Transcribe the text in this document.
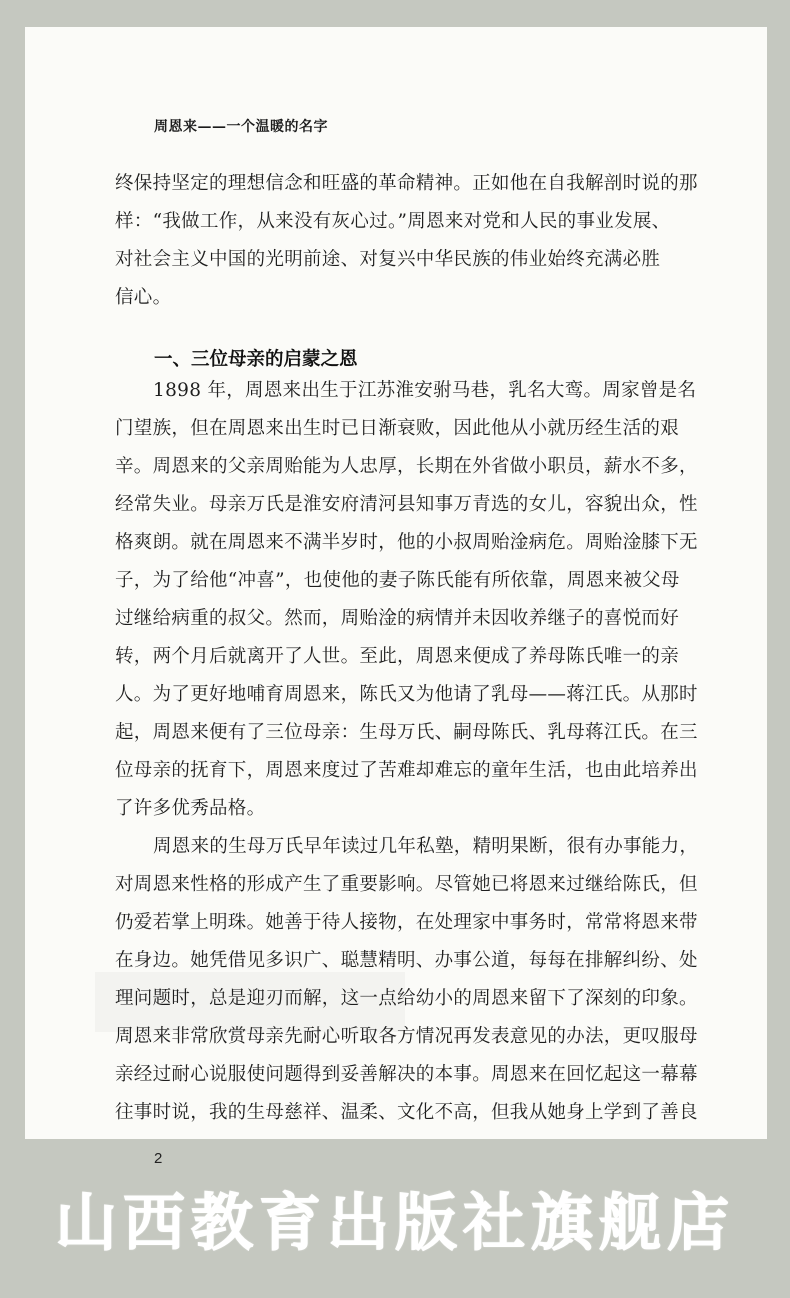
周恩来——一个温暖的名字
终保持坚定的理想信念和旺盛的革命精神。正如他在自我解剖时说的那
样：“我做工作，从来没有灰心过。”周恩来对党和人民的事业发展、
对社会主义中国的光明前途、对复兴中华民族的伟业始终充满必胜
信心。
一、三位母亲的启蒙之恩
1898 年，周恩来出生于江苏淮安驸马巷，乳名大鸾。周家曾是名
门望族，但在周恩来出生时已日渐衰败，因此他从小就历经生活的艰
辛。周恩来的父亲周贻能为人忠厚，长期在外省做小职员，薪水不多，
经常失业。母亲万氏是淮安府清河县知事万青选的女儿，容貌出众，性
格爽朗。就在周恩来不满半岁时，他的小叔周贻淦病危。周贻淦膝下无
子，为了给他“冲喜”，也使他的妻子陈氏能有所依靠，周恩来被父母
过继给病重的叔父。然而，周贻淦的病情并未因收养继子的喜悦而好
转，两个月后就离开了人世。至此，周恩来便成了养母陈氏唯一的亲
人。为了更好地哺育周恩来，陈氏又为他请了乳母——蒋江氏。从那时
起，周恩来便有了三位母亲：生母万氏、嗣母陈氏、乳母蒋江氏。在三
位母亲的抚育下，周恩来度过了苦难却难忘的童年生活，也由此培养出
了许多优秀品格。
周恩来的生母万氏早年读过几年私塾，精明果断，很有办事能力，
对周恩来性格的形成产生了重要影响。尽管她已将恩来过继给陈氏，但
仍爱若掌上明珠。她善于待人接物，在处理家中事务时，常常将恩来带
在身边。她凭借见多识广、聪慧精明、办事公道，每每在排解纠纷、处
理问题时，总是迎刃而解，这一点给幼小的周恩来留下了深刻的印象。
周恩来非常欣赏母亲先耐心听取各方情况再发表意见的办法，更叹服母
亲经过耐心说服使问题得到妥善解决的本事。周恩来在回忆起这一幕幕
往事时说，我的生母慈祥、温柔、文化不高，但我从她身上学到了善良
2
山西教育出版社旗舰店
